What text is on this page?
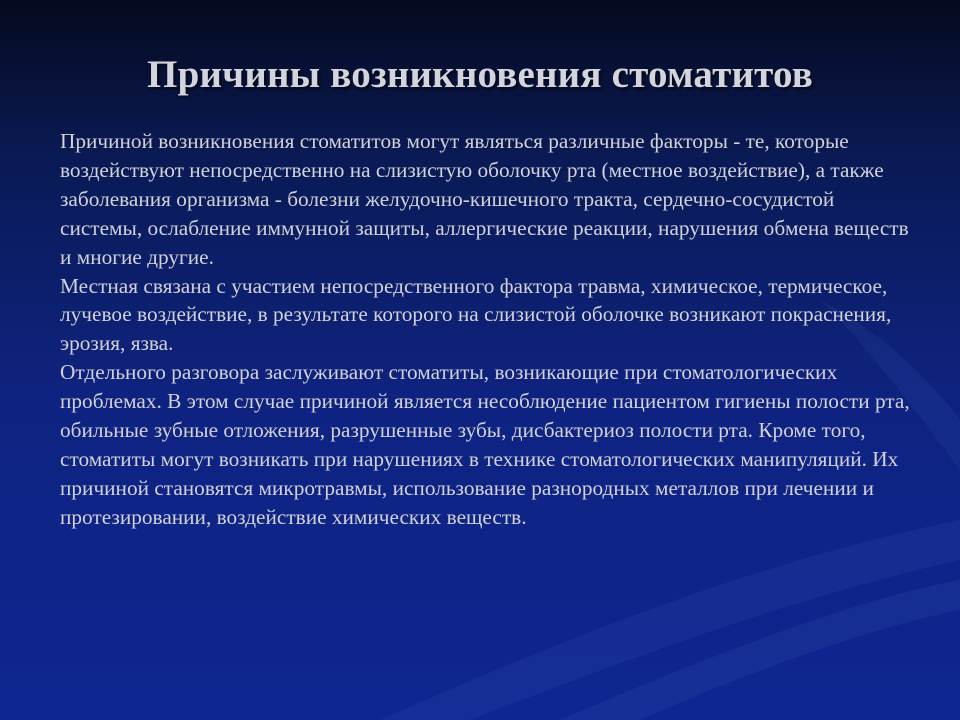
Причины возникновения стоматитов

Причиной возникновения стоматитов могут являться различные факторы - те, которые воздействуют непосредственно на слизистую оболочку рта (местное воздействие), а также заболевания организма - болезни желудочно-кишечного тракта, сердечно-сосудистой системы, ослабление иммунной защиты, аллергические реакции, нарушения обмена веществ и многие другие.

Местная связана с участием непосредственного фактора травма, химическое, термическое, лучевое воздействие, в результате которого на слизистой оболочке возникают покраснения, эрозия, язва.

Отдельного разговора заслуживают стоматиты, возникающие при стоматологических проблемах. В этом случае причиной является несоблюдение пациентом гигиены полости рта, обильные зубные отложения, разрушенные зубы, дисбактериоз полости рта. Кроме того, стоматиты могут возникать при нарушениях в технике стоматологических манипуляций. Их причиной становятся микротравмы, использование разнородных металлов при лечении и протезировании, воздействие химических веществ.
